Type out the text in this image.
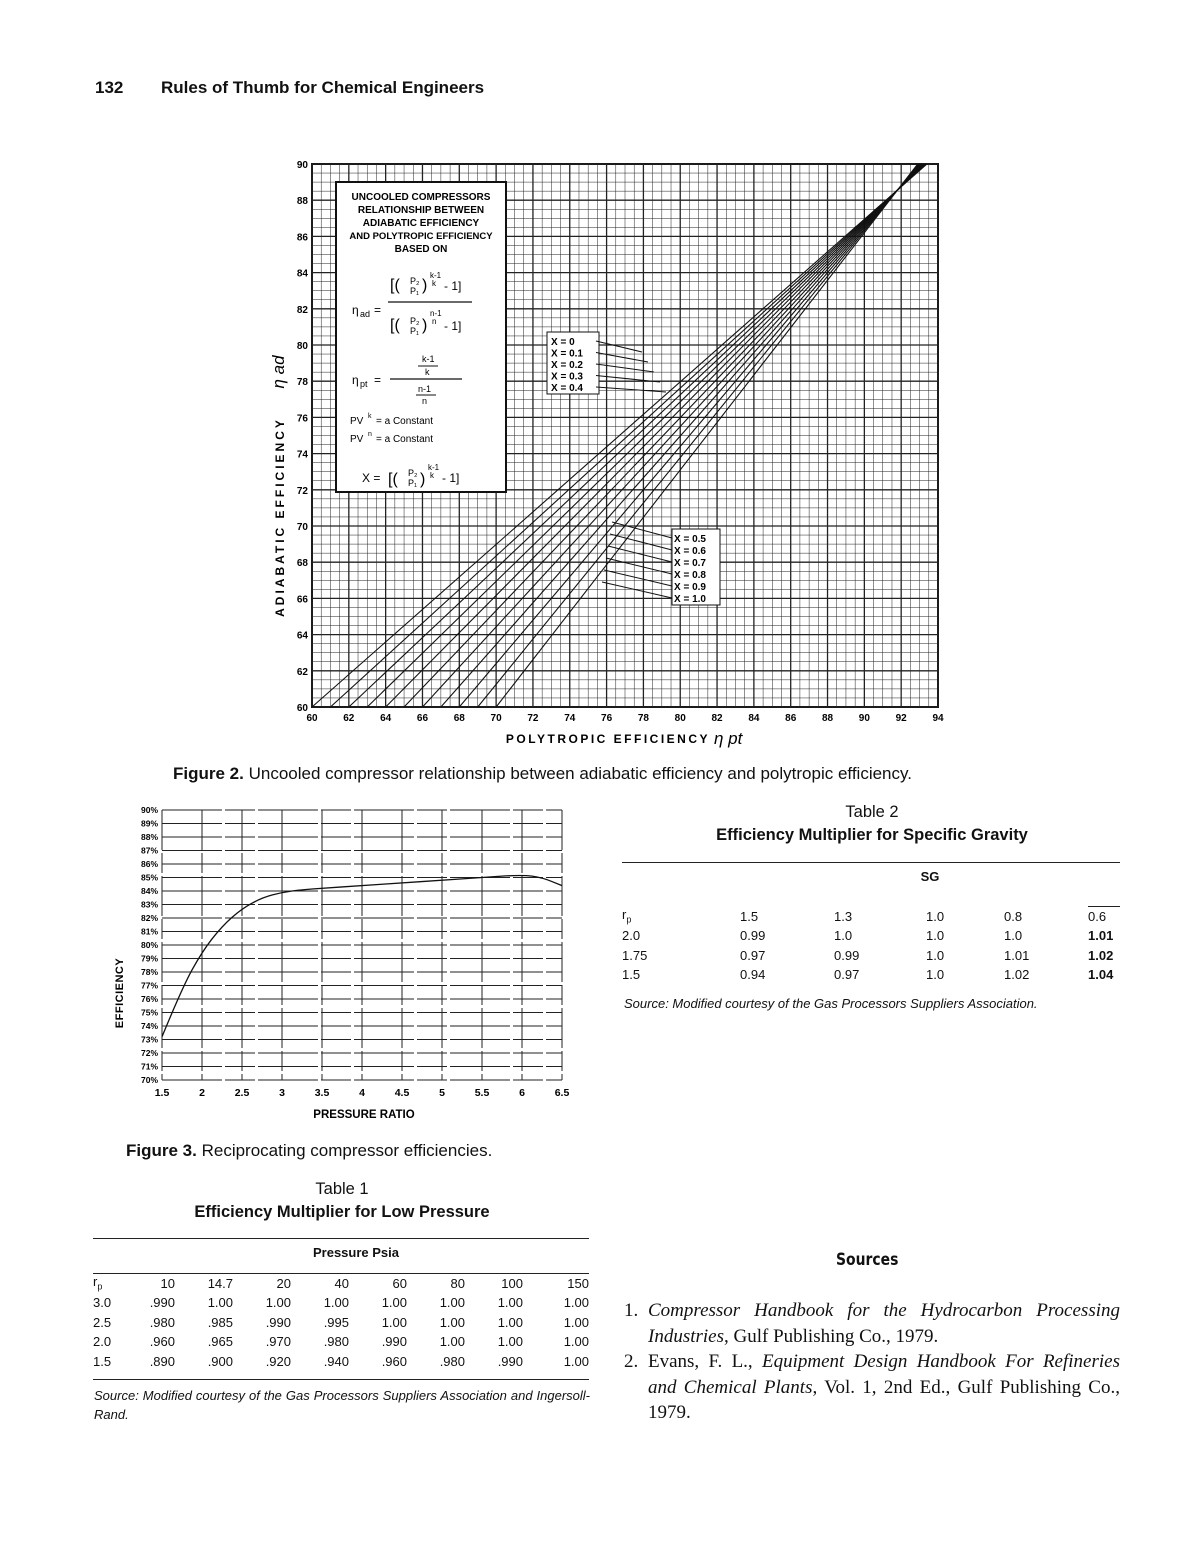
132 Rules of Thumb for Chemical Engineers
ADIABATIC EFFICIENCY
η ad
POLYTROPIC EFFICIENCY η pt
60	62	64	66	68	70	72	74	76	78	80	82	84	86	88	90	92	94
60
62
64
66
68
70
72
74
76
78
80
82
84
86
88
90
UNCOOLED COMPRESSORS
RELATIONSHIP BETWEEN
ADIABATIC EFFICIENCY
AND POLYTROPIC EFFICIENCY
BASED ON
η ad =
[( P₂
P₁ )
k-1
k - 1]
[( P₂
P₁ )
n-1
n - 1]
η pt =
k-1
k
n-1
n
PV k = a Constant
PV n = a Constant
X = [( P₂
P₁ )
k-1
k - 1]
X = 0
X = 0.1
X = 0.2
X = 0.3
X = 0.4
X = 0.5
X = 0.6
X = 0.7
X = 0.8
X = 0.9
X = 1.0
Figure 2. Uncooled compressor relationship between adiabatic efficiency and polytropic efficiency.
EFFICIENCY
PRESSURE RATIO
1.5	2	2.5	3	3.5	4	4.5	5	5.5	6	6.5
70%
71%
72%
73%
74%
75%
76%
77%
78%
79%
80%
81%
82%
83%
84%
85%
86%
87%
88%
89%
90%
Figure 3. Reciprocating compressor efficiencies.
Table 2
Efficiency Multiplier for Specific Gravity

	SG				

$r_p$	1.5	1.3	1.0	0.8	0.6
2.0	0.99	1.0	1.0	1.0	1.01
1.75	0.97	0.99	1.0	1.01	1.02
1.5	0.94	0.97	1.0	1.02	1.04
Source: Modified courtesy of the Gas Processors Suppliers Association.
Table 1
Efficiency Multiplier for Low Pressure

	Pressure Psia							

$r_p$	10	14.7	20	40	60	80	100	150
3.0	.990	1.00	1.00	1.00	1.00	1.00	1.00	1.00
2.5	.980	.985	.990	.995	1.00	1.00	1.00	1.00
2.0	.960	.965	.970	.980	.990	1.00	1.00	1.00
1.5	.890	.900	.920	.940	.960	.980	.990	1.00

Source: Modified courtesy of the Gas Processors Suppliers Association and Ingersoll-Rand.
Sources
1. Compressor Handbook for the Hydrocarbon Processing Industries, Gulf Publishing Co., 1979.
2. Evans, F. L., Equipment Design Handbook For Refineries and Chemical Plants, Vol. 1, 2nd Ed., Gulf Publishing Co., 1979.
